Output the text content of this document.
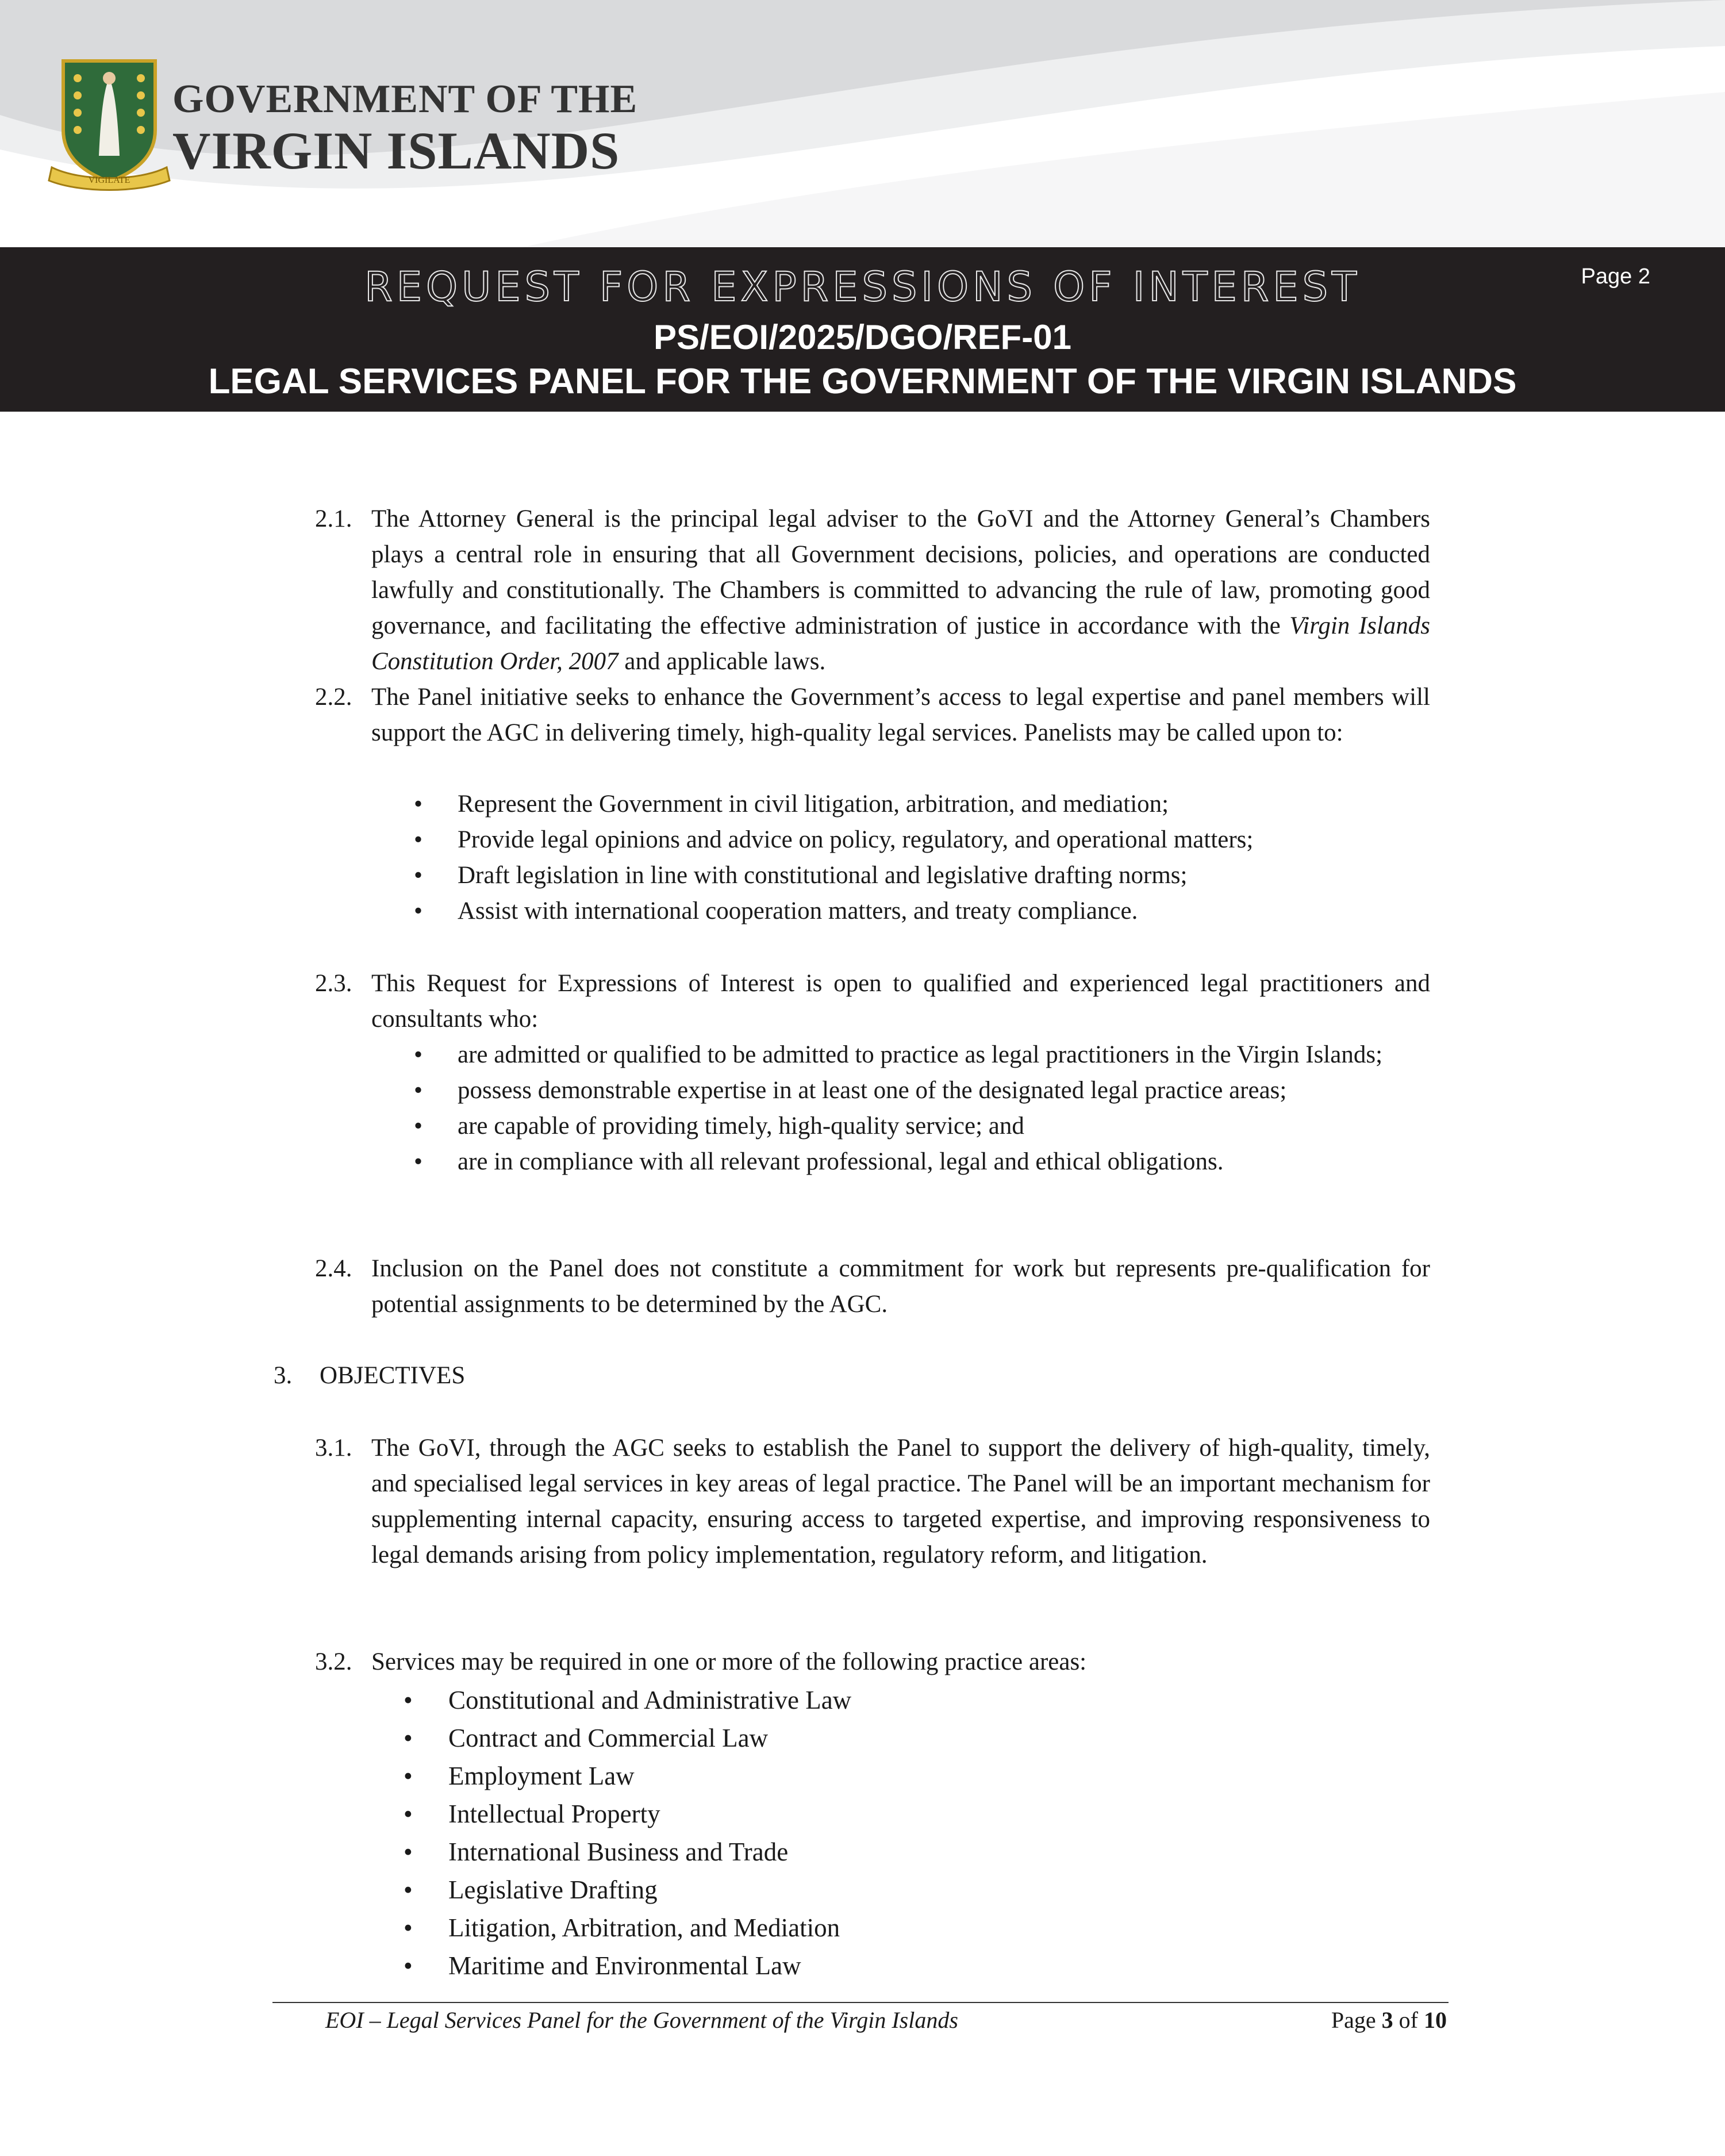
VIGILATE
GOVERNMENT OF THE
VIRGIN ISLANDS
REQUEST FOR EXPRESSIONS OF INTEREST
PS/EOI/2025/DGO/REF-01
LEGAL SERVICES PANEL FOR THE GOVERNMENT OF THE VIRGIN ISLANDS
Page 2
2.1. The Attorney General is the principal legal adviser to the GoVI and the Attorney General’s Chambers plays a central role in ensuring that all Government decisions, policies, and operations are conducted lawfully and constitutionally. The Chambers is committed to advancing the rule of law, promoting good governance, and facilitating the effective administration of justice in accordance with the Virgin Islands Constitution Order, 2007 and applicable laws.
2.2. The Panel initiative seeks to enhance the Government’s access to legal expertise and panel members will support the AGC in delivering timely, high-quality legal services. Panelists may be called upon to:
• Represent the Government in civil litigation, arbitration, and mediation;
• Provide legal opinions and advice on policy, regulatory, and operational matters;
• Draft legislation in line with constitutional and legislative drafting norms;
• Assist with international cooperation matters, and treaty compliance.
2.3. This Request for Expressions of Interest is open to qualified and experienced legal practitioners and consultants who:
• are admitted or qualified to be admitted to practice as legal practitioners in the Virgin Islands;
• possess demonstrable expertise in at least one of the designated legal practice areas;
• are capable of providing timely, high-quality service; and
• are in compliance with all relevant professional, legal and ethical obligations.
2.4. Inclusion on the Panel does not constitute a commitment for work but represents pre-qualification for potential assignments to be determined by the AGC.
3. OBJECTIVES
3.1. The GoVI, through the AGC seeks to establish the Panel to support the delivery of high-quality, timely, and specialised legal services in key areas of legal practice. The Panel will be an important mechanism for supplementing internal capacity, ensuring access to targeted expertise, and improving responsiveness to legal demands arising from policy implementation, regulatory reform, and litigation.
3.2. Services may be required in one or more of the following practice areas:
• Constitutional and Administrative Law
• Contract and Commercial Law
• Employment Law
• Intellectual Property
• International Business and Trade
• Legislative Drafting
• Litigation, Arbitration, and Mediation
• Maritime and Environmental Law
EOI – Legal Services Panel for the Government of the Virgin Islands	Page 3 of 10
